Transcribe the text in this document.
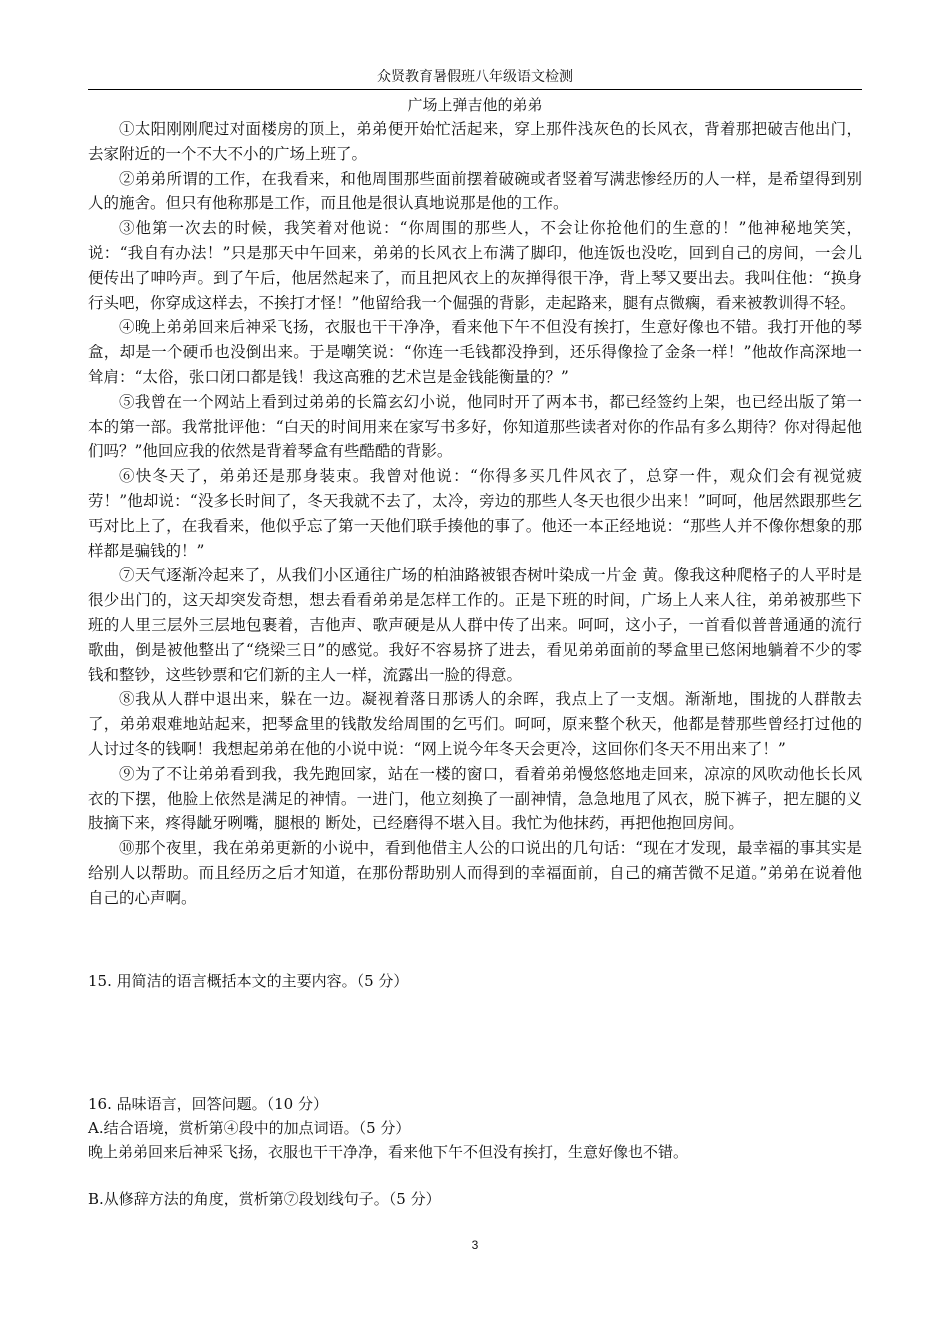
众贤教育暑假班八年级语文检测
广场上弹吉他的弟弟

①太阳刚刚爬过对面楼房的顶上，弟弟便开始忙活起来，穿上那件浅灰色的长风衣，背着那把破吉他出门，去家附近的一个不大不小的广场上班了。

②弟弟所谓的工作，在我看来，和他周围那些面前摆着破碗或者竖着写满悲惨经历的人一样，是希望得到别人的施舍。但只有他称那是工作，而且他是很认真地说那是他的工作。

③他第一次去的时候，我笑着对他说：“你周围的那些人，不会让你抢他们的生意的！”他神秘地笑笑，说：“我自有办法！”只是那天中午回来，弟弟的长风衣上布满了脚印，他连饭也没吃，回到自己的房间，一会儿便传出了呻吟声。到了午后，他居然起来了，而且把风衣上的灰掸得很干净，背上琴又要出去。我叫住他：“换身行头吧，你穿成这样去，不挨打才怪！”他留给我一个倔强的背影，走起路来，腿有点微瘸，看来被教训得不轻。

④晚上弟弟回来后神采飞扬，衣服也干干净净，看来他下午不但没有挨打，生意好像也不错。我打开他的琴盒，却是一个硬币也没倒出来。于是嘲笑说：“你连一毛钱都没挣到，还乐得像捡了金条一样！”他故作高深地一耸肩：“太俗，张口闭口都是钱！我这高雅的艺术岂是金钱能衡量的？”

⑤我曾在一个网站上看到过弟弟的长篇玄幻小说，他同时开了两本书，都已经签约上架，也已经出版了第一本的第一部。我常批评他：“白天的时间用来在家写书多好，你知道那些读者对你的作品有多么期待？你对得起他们吗？”他回应我的依然是背着琴盒有些酷酷的背影。

⑥快冬天了，弟弟还是那身装束。我曾对他说：“你得多买几件风衣了，总穿一件，观众们会有视觉疲劳！”他却说：“没多长时间了，冬天我就不去了，太冷，旁边的那些人冬天也很少出来！”呵呵，他居然跟那些乞丐对比上了，在我看来，他似乎忘了第一天他们联手揍他的事了。他还一本正经地说：“那些人并不像你想象的那样都是骗钱的！”

⑦天气逐渐冷起来了，从我们小区通往广场的柏油路被银杏树叶染成一片金 黄。像我这种爬格子的人平时是很少出门的，这天却突发奇想，想去看看弟弟是怎样工作的。正是下班的时间，广场上人来人往，弟弟被那些下班的人里三层外三层地包裹着，吉他声、歌声硬是从人群中传了出来。呵呵，这小子，一首看似普普通通的流行歌曲，倒是被他整出了“绕梁三日”的感觉。我好不容易挤了进去，看见弟弟面前的琴盒里已悠闲地躺着不少的零钱和整钞，这些钞票和它们新的主人一样，流露出一脸的得意。

⑧我从人群中退出来，躲在一边。凝视着落日那诱人的余晖，我点上了一支烟。渐渐地，围拢的人群散去了，弟弟艰难地站起来，把琴盒里的钱散发给周围的乞丐们。呵呵，原来整个秋天，他都是替那些曾经打过他的人讨过冬的钱啊！我想起弟弟在他的小说中说：“网上说今年冬天会更冷，这回你们冬天不用出来了！”

⑨为了不让弟弟看到我，我先跑回家，站在一楼的窗口，看着弟弟慢悠悠地走回来，凉凉的风吹动他长长风衣的下摆，他脸上依然是满足的神情。一进门，他立刻换了一副神情，急急地甩了风衣，脱下裤子，把左腿的义肢摘下来，疼得龇牙咧嘴，腿根的 断处，已经磨得不堪入目。我忙为他抹药，再把他抱回房间。

⑩那个夜里，我在弟弟更新的小说中，看到他借主人公的口说出的几句话：“现在才发现，最幸福的事其实是给别人以帮助。而且经历之后才知道，在那份帮助别人而得到的幸福面前，自己的痛苦微不足道。”弟弟在说着他自己的心声啊。

15. 用简洁的语言概括本文的主要内容。（5 分）

16. 品味语言，回答问题。（10 分）

A.结合语境，赏析第④段中的加点词语。（5 分）

晚上弟弟回来后神采飞扬，衣服也干干净净，看来他下午不但没有挨打，生意好像也不错。

B.从修辞方法的角度，赏析第⑦段划线句子。（5 分）

3
